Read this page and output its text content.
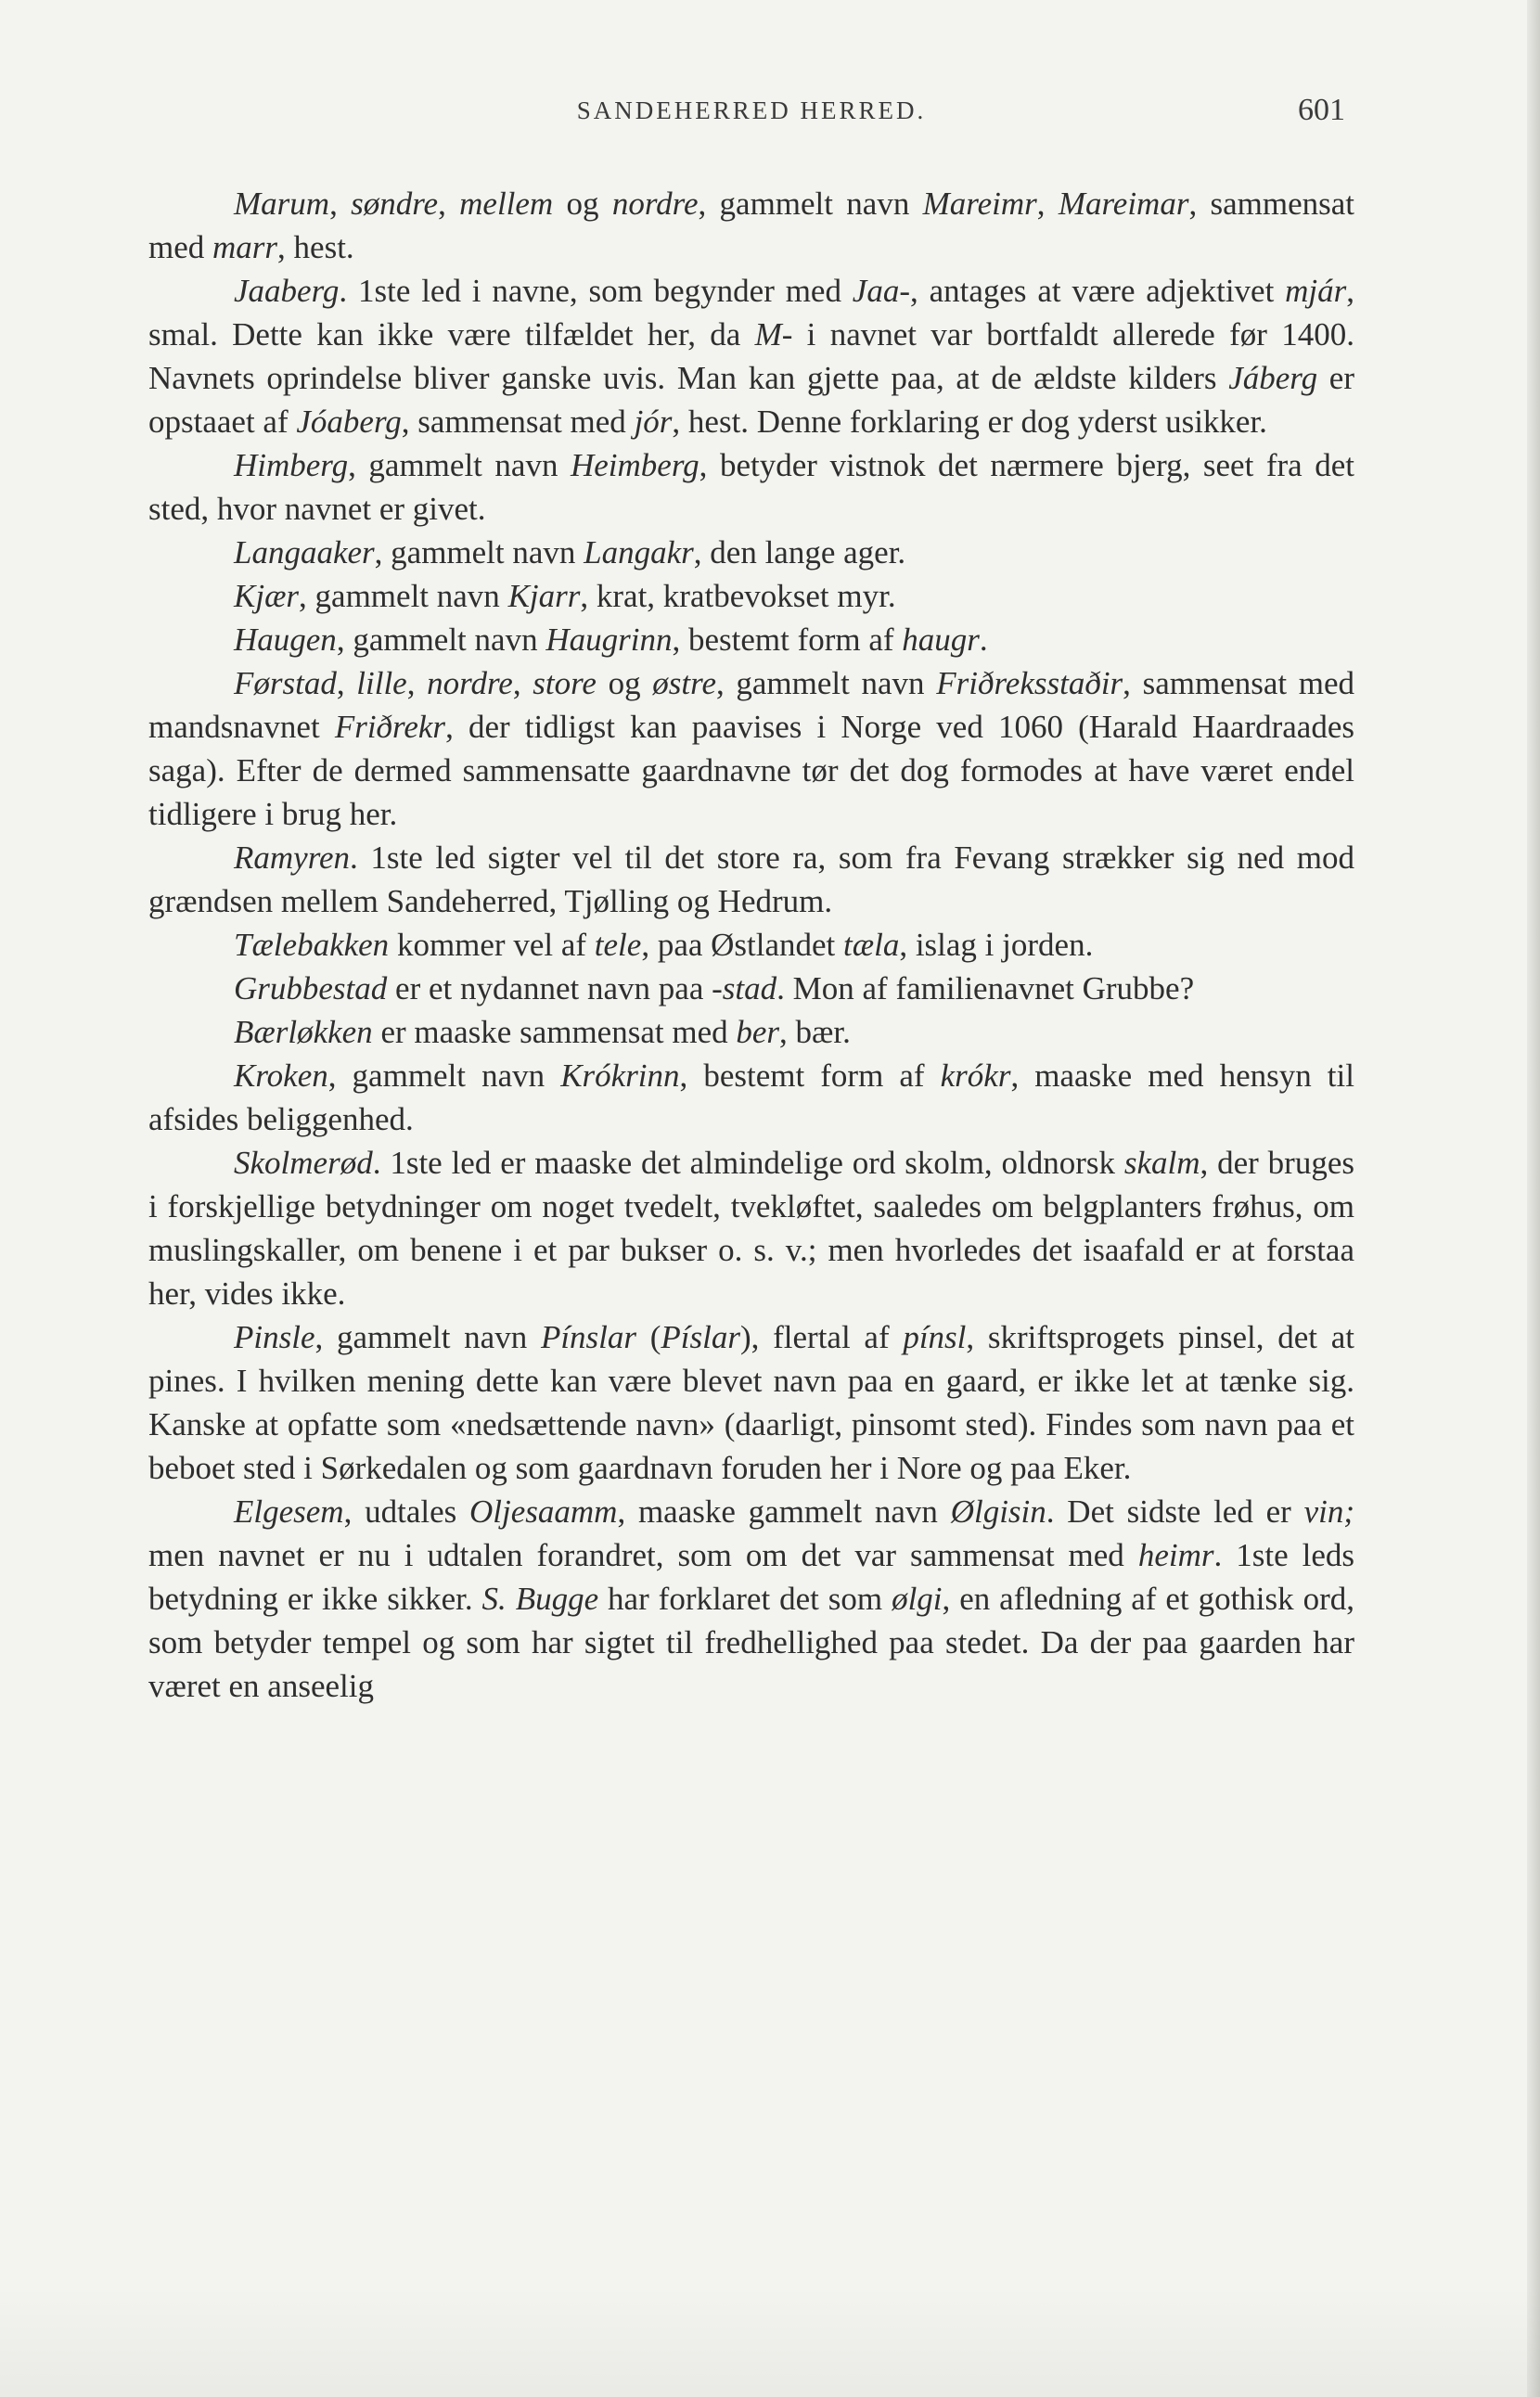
SANDEHERRED HERRED.	601

Marum, søndre, mellem og nordre, gammelt navn Mareimr, Mareimar, sammensat med marr, hest.

Jaaberg. 1ste led i navne, som begynder med Jaa-, antages at være adjektivet mjár, smal. Dette kan ikke være tilfældet her, da M- i navnet var bortfaldt allerede før 1400. Navnets oprindelse bliver ganske uvis. Man kan gjette paa, at de ældste kilders Jáberg er opstaaet af Jóaberg, sammensat med jór, hest. Denne forklaring er dog yderst usikker.

Himberg, gammelt navn Heimberg, betyder vistnok det nærmere bjerg, seet fra det sted, hvor navnet er givet.

Langaaker, gammelt navn Langakr, den lange ager.

Kjær, gammelt navn Kjarr, krat, kratbevokset myr.

Haugen, gammelt navn Haugrinn, bestemt form af haugr.

Førstad, lille, nordre, store og østre, gammelt navn Friðreksstaðir, sammensat med mandsnavnet Friðrekr, der tidligst kan paavises i Norge ved 1060 (Harald Haardraades saga). Efter de dermed sammensatte gaardnavne tør det dog formodes at have været endel tidligere i brug her.

Ramyren. 1ste led sigter vel til det store ra, som fra Fevang strækker sig ned mod grændsen mellem Sandeherred, Tjølling og Hedrum.

Tælebakken kommer vel af tele, paa Østlandet tæla, islag i jorden.

Grubbestad er et nydannet navn paa -stad. Mon af familienavnet Grubbe?

Bærløkken er maaske sammensat med ber, bær.

Kroken, gammelt navn Krókrinn, bestemt form af krókr, maaske med hensyn til afsides beliggenhed.

Skolmerød. 1ste led er maaske det almindelige ord skolm, oldnorsk skalm, der bruges i forskjellige betydninger om noget tvedelt, tvekløftet, saaledes om belgplanters frøhus, om muslingskaller, om benene i et par bukser o. s. v.; men hvorledes det isaafald er at forstaa her, vides ikke.

Pinsle, gammelt navn Pínslar (Píslar), flertal af pínsl, skriftsprogets pinsel, det at pines. I hvilken mening dette kan være blevet navn paa en gaard, er ikke let at tænke sig. Kanske at opfatte som «nedsættende navn» (daarligt, pinsomt sted). Findes som navn paa et beboet sted i Sørkedalen og som gaardnavn foruden her i Nore og paa Eker.

Elgesem, udtales Oljesaamm, maaske gammelt navn Ølgisin. Det sidste led er vin; men navnet er nu i udtalen forandret, som om det var sammensat med heimr. 1ste leds betydning er ikke sikker. S. Bugge har forklaret det som ølgi, en afledning af et gothisk ord, som betyder tempel og som har sigtet til fredhellighed paa stedet. Da der paa gaarden har været en anseelig
